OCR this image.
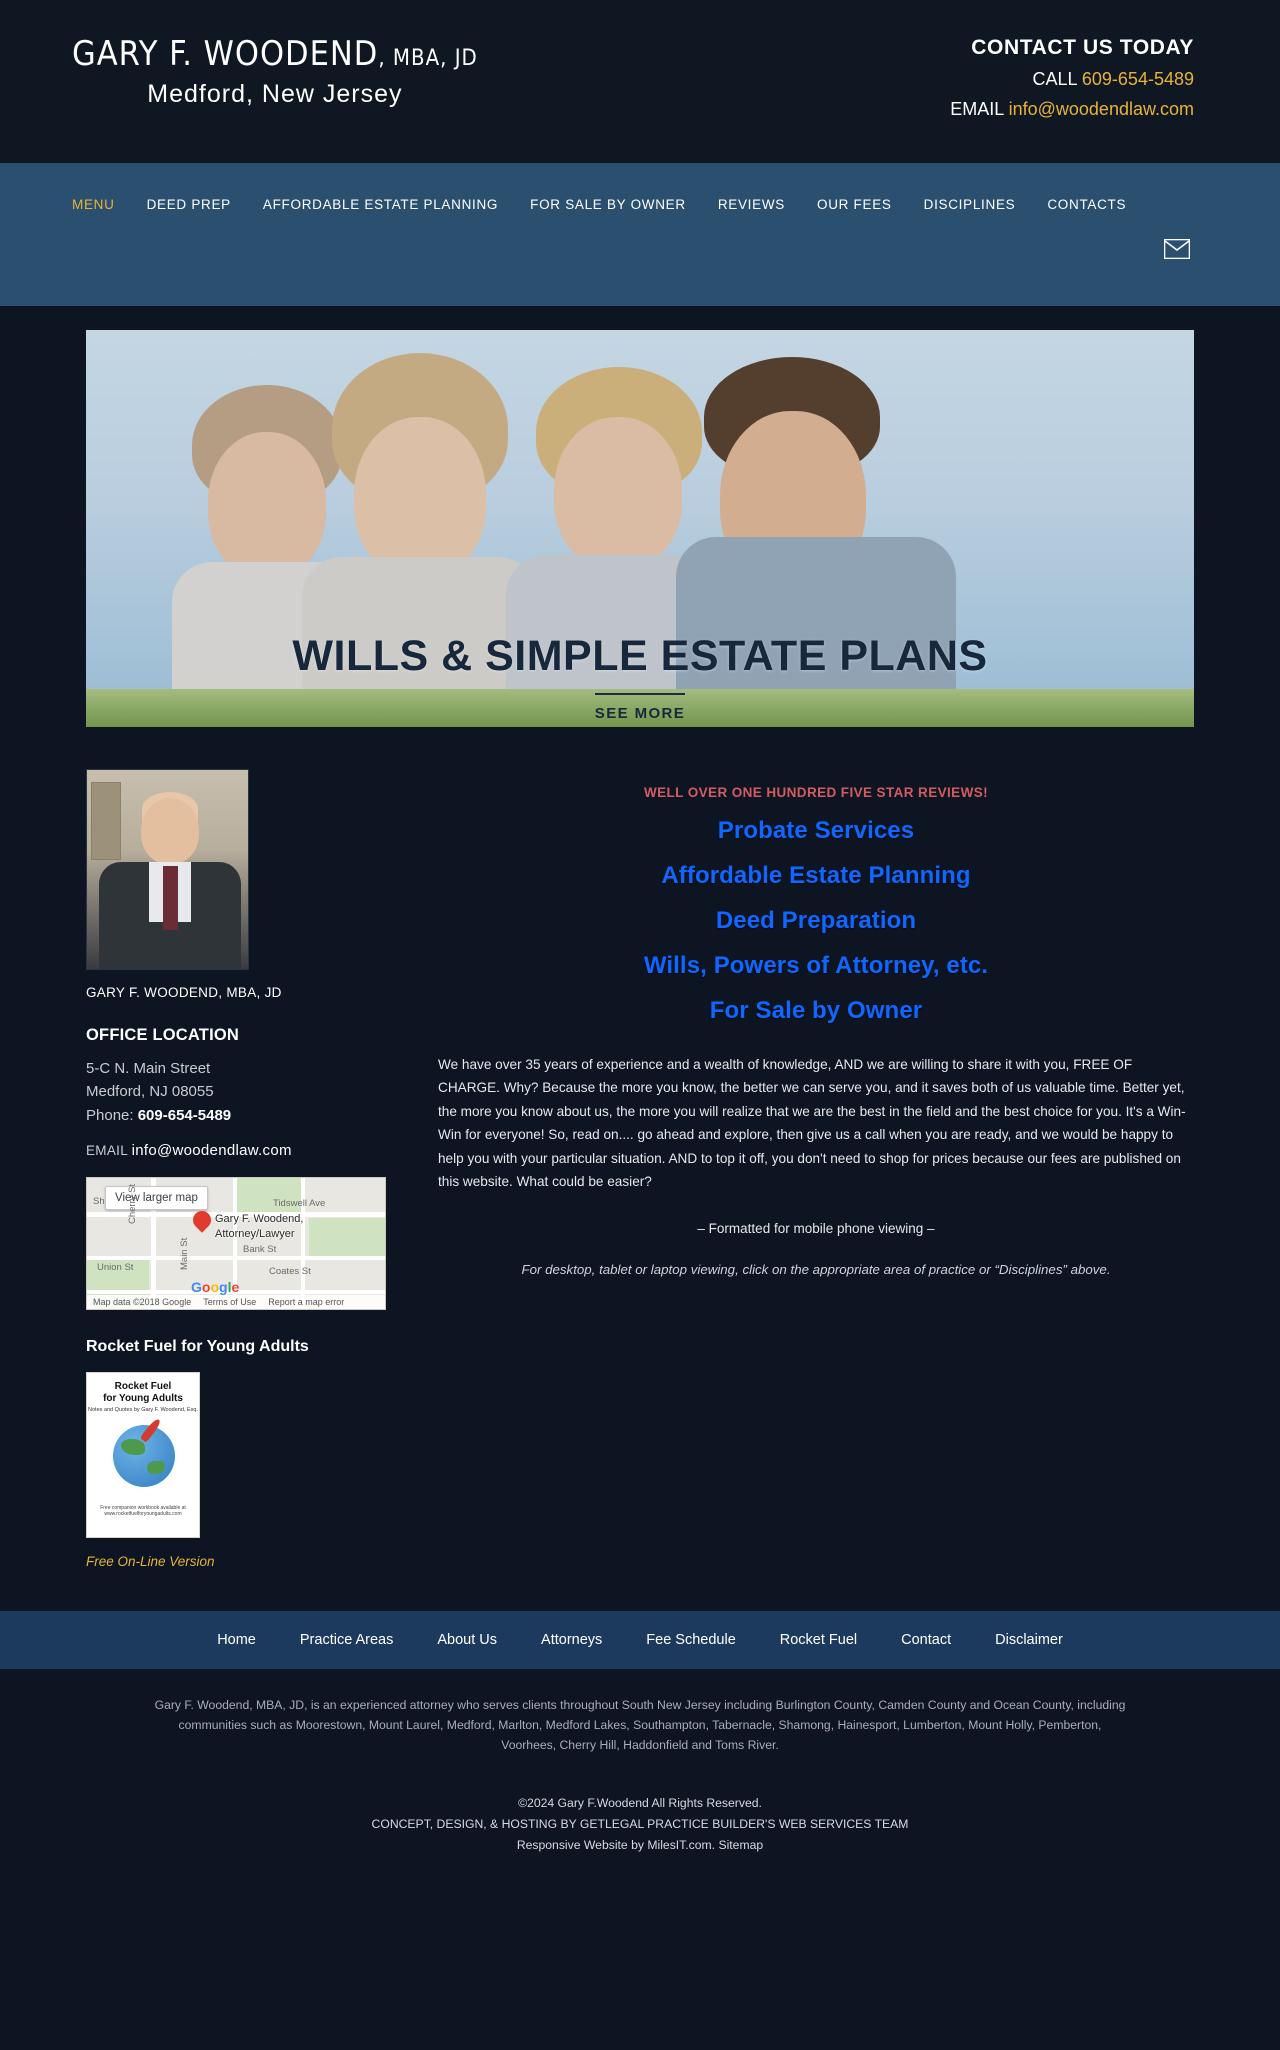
GARY F. WOODEND, MBA, JD
Medford, New Jersey
CONTACT US TODAY
CALL 609-654-5489
EMAIL info@woodendlaw.com
MENU	DEED PREP	AFFORDABLE ESTATE PLANNING	FOR SALE BY OWNER	REVIEWS	OUR FEES	DISCIPLINES	CONTACTS
WILLS & SIMPLE ESTATE PLANS
SEE MORE
GARY F. WOODEND, MBA, JD
OFFICE LOCATION
5-C N. Main Street
Medford, NJ 08055
Phone: 609-654-5489
EMAIL info@woodendlaw.com
View larger map
Gary F. Woodend,
Attorney/Lawyer
Tidswell Ave
Cherry St
Union St
Bank St
Coates St
Main St
Sh
Google
Map data ©2018 Google Terms of Use Report a map error
Rocket Fuel for Young Adults
Rocket Fuel
for Young Adults
Notes and Quotes by Gary F. Woodend, Esq.
Free companion workbook available at www.rocketfuelforyoungadults.com
Free On-Line Version
WELL OVER ONE HUNDRED FIVE STAR REVIEWS!
Probate Services
Affordable Estate Planning
Deed Preparation
Wills, Powers of Attorney, etc.
For Sale by Owner
We have over 35 years of experience and a wealth of knowledge, AND we are willing to share it with you, FREE OF CHARGE. Why? Because the more you know, the better we can serve you, and it saves both of us valuable time. Better yet, the more you know about us, the more you will realize that we are the best in the field and the best choice for you. It's a Win-Win for everyone! So, read on.... go ahead and explore, then give us a call when you are ready, and we would be happy to help you with your particular situation. AND to top it off, you don't need to shop for prices because our fees are published on this website. What could be easier?
– Formatted for mobile phone viewing –
For desktop, tablet or laptop viewing, click on the appropriate area of practice or “Disciplines” above.
Home	Practice Areas	About Us	Attorneys	Fee Schedule	Rocket Fuel	Contact	Disclaimer
Gary F. Woodend, MBA, JD, is an experienced attorney who serves clients throughout South New Jersey including Burlington County, Camden County and Ocean County, including communities such as Moorestown, Mount Laurel, Medford, Marlton, Medford Lakes, Southampton, Tabernacle, Shamong, Hainesport, Lumberton, Mount Holly, Pemberton, Voorhees, Cherry Hill, Haddonfield and Toms River.
©2024 Gary F.Woodend All Rights Reserved.
CONCEPT, DESIGN, & HOSTING BY GETLEGAL PRACTICE BUILDER'S WEB SERVICES TEAM
Responsive Website by MilesIT.com. Sitemap
